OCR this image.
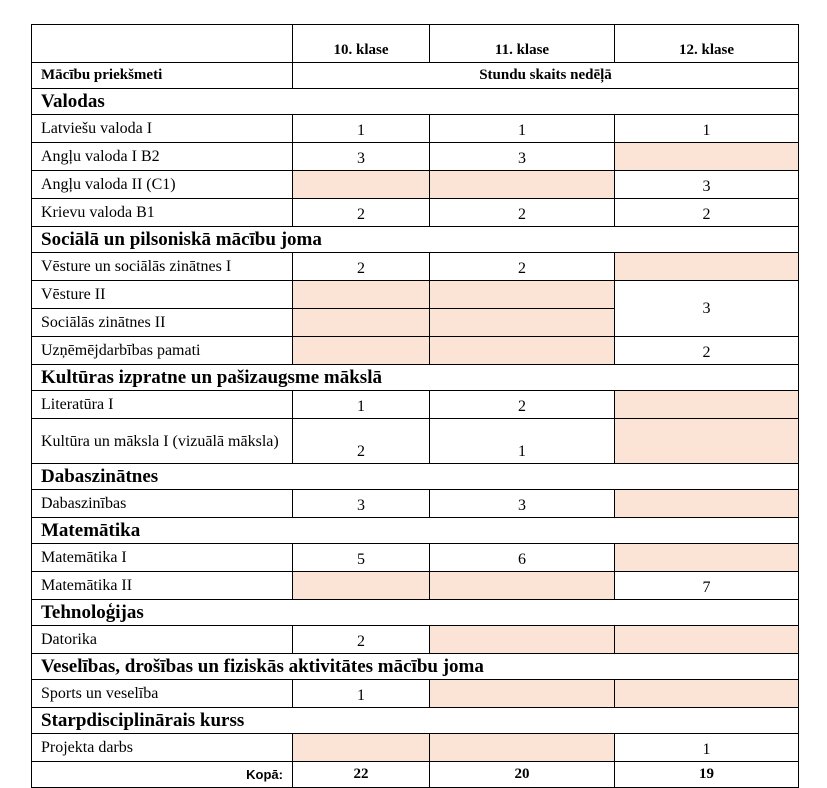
	10. klase	11. klase	12. klase
Mācību priekšmeti	Stundu skaits nedēļā		
Valodas			
Latviešu valoda I	1	1	1
Angļu valoda I B2	3	3	
Angļu valoda II (C1)			3
Krievu valoda B1	2	2	2
Sociālā un pilsoniskā mācību joma			
Vēsture un sociālās zinātnes I	2	2	
Vēsture II			3
Sociālās zinātnes II			
Uzņēmējdarbības pamati			2
Kultūras izpratne un pašizaugsme mākslā			
Literatūra I	1	2	
Kultūra un māksla I (vizuālā māksla)	2	1	
Dabaszinātnes			
Dabaszinības	3	3	
Matemātika			
Matemātika I	5	6	
Matemātika II			7
Tehnoloģijas			
Datorika	2		
Veselības, drošības un fiziskās aktivitātes mācību joma			
Sports un veselība	1		
Starpdisciplinārais kurss			
Projekta darbs			1
Kopā:	22	20	19
